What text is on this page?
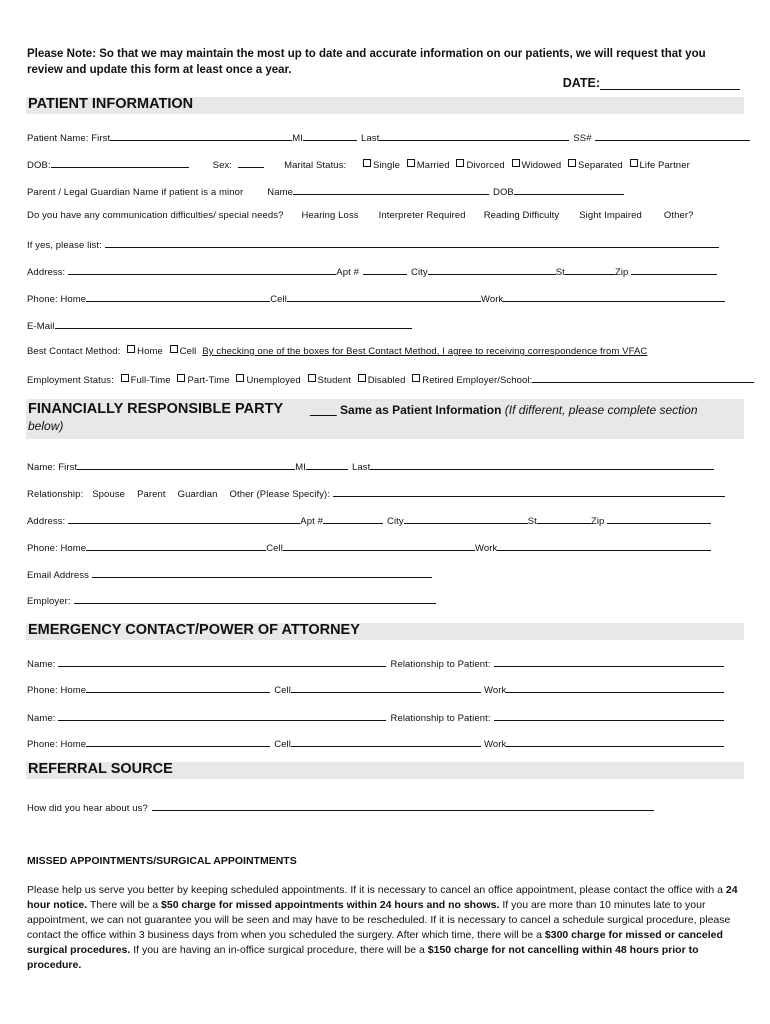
Please Note: So that we may maintain the most up to date and accurate information on our patients, we will request that you review and update this form at least once a year.
DATE:
PATIENT INFORMATION
Patient Name: First	MI	Last	SS#
DOB:	Sex:	Marital Status:	Single Married Divorced Widowed Separated Life Partner
Parent / Legal Guardian Name if patient is a minor	Name	DOB
Do you have any communication difficulties/ special needs? Hearing Loss Interpreter Required Reading Difficulty Sight Impaired Other?
If yes, please list:
Address:	Apt #	City	St	Zip
Phone: Home	Cell	Work
E-Mail
Best Contact Method: Home Cell By checking one of the boxes for Best Contact Method, I agree to receiving correspondence from VFAC
Employment Status: Full-Time Part-Time Unemployed Student Disabled Retired Employer/School:
FINANCIALLY RESPONSIBLE PARTY ____ Same as Patient Information (If different, please complete section
below)
Name: First	MI	Last
Relationship: Spouse Parent Guardian Other (Please Specify):
Address:	Apt #	City	St	Zip
Phone: Home	Cell	Work
Email Address
Employer:
EMERGENCY CONTACT/POWER OF ATTORNEY
Name:	Relationship to Patient:
Phone: Home	Cell	Work
Name:	Relationship to Patient:
Phone: Home	Cell	Work
REFERRAL SOURCE
How did you hear about us?
MISSED APPOINTMENTS/SURGICAL APPOINTMENTS
Please help us serve you better by keeping scheduled appointments. If it is necessary to cancel an office appointment, please contact the office with a 24 hour notice. There will be a $50 charge for missed appointments within 24 hours and no shows. If you are more than 10 minutes late to your appointment, we can not guarantee you will be seen and may have to be rescheduled. If it is necessary to cancel a schedule surgical procedure, please contact the office within 3 business days from when you scheduled the surgery. After which time, there will be a $300 charge for missed or canceled surgical procedures. If you are having an in-office surgical procedure, there will be a $150 charge for not cancelling within 48 hours prior to procedure.
